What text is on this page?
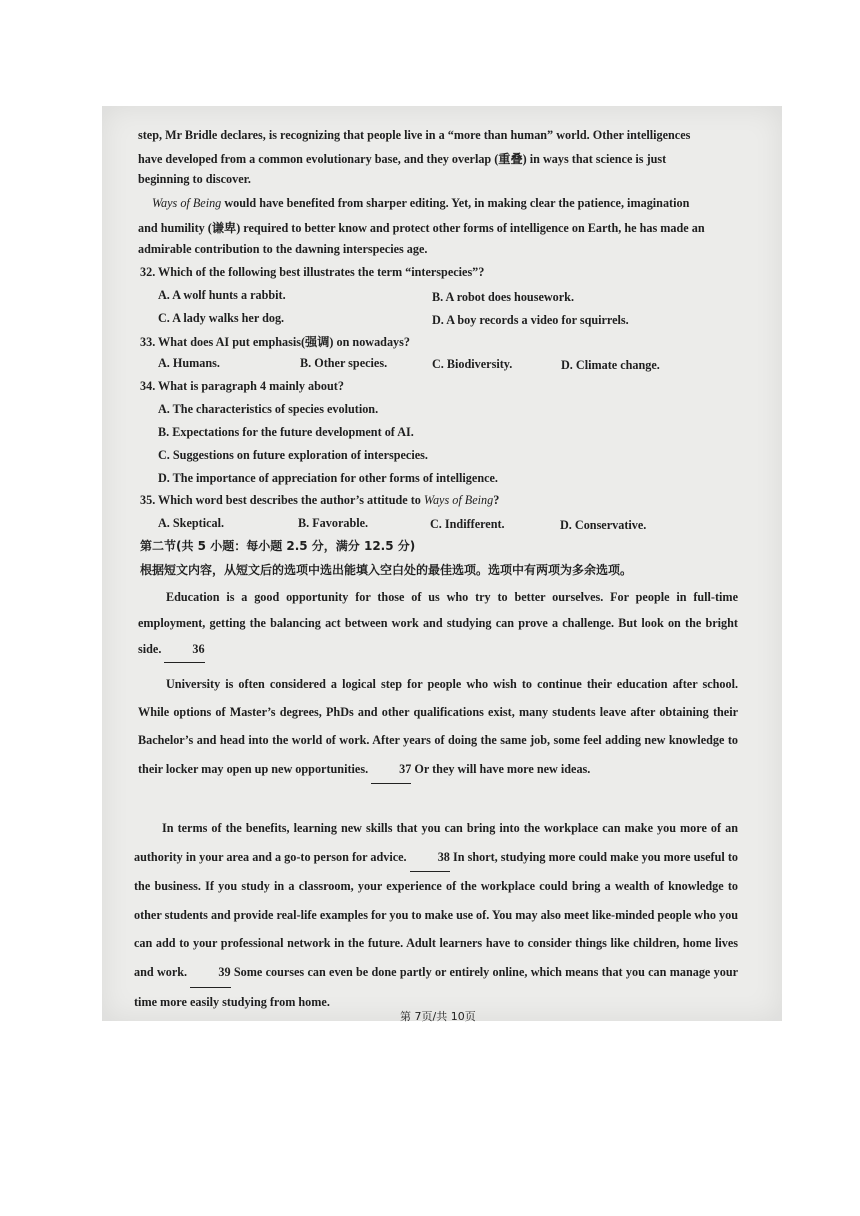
step, Mr Bridle declares, is recognizing that people live in a “more than human” world. Other intelligences
have developed from a common evolutionary base, and they overlap (重叠) in ways that science is just
beginning to discover.
Ways of Being would have benefited from sharper editing. Yet, in making clear the patience, imagination
and humility (谦卑) required to better know and protect other forms of intelligence on Earth, he has made an
admirable contribution to the dawning interspecies age.
32. Which of the following best illustrates the term “interspecies”?
A. A wolf hunts a rabbit.	B. A robot does housework.
C. A lady walks her dog.	D. A boy records a video for squirrels.
33. What does AI put emphasis(强调) on nowadays?
A. Humans.	B. Other species.	C. Biodiversity.	D. Climate change.
34. What is paragraph 4 mainly about?
A. The characteristics of species evolution.
B. Expectations for the future development of AI.
C. Suggestions on future exploration of interspecies.
D. The importance of appreciation for other forms of intelligence.
35. Which word best describes the author’s attitude to Ways of Being?
A. Skeptical.	B. Favorable.	C. Indifferent.	D. Conservative.
第二节(共 5 小题：每小题 2.5 分，满分 12.5 分)
根据短文内容，从短文后的选项中选出能填入空白处的最佳选项。选项中有两项为多余选项。
Education is a good opportunity for those of us who try to better ourselves. For people in full-time employment, getting the balancing act between work and studying can prove a challenge. But look on the bright side.	36
University is often considered a logical step for people who wish to continue their education after school. While options of Master’s degrees, PhDs and other qualifications exist, many students leave after obtaining their Bachelor’s and head into the world of work. After years of doing the same job, some feel adding new knowledge to their locker may open up new opportunities.	37 Or they will have more new ideas.
In terms of the benefits, learning new skills that you can bring into the workplace can make you more of an authority in your area and a go-to person for advice.	38 In short, studying more could make you more useful to the business. If you study in a classroom, your experience of the workplace could bring a wealth of knowledge to other students and provide real-life examples for you to make use of. You may also meet like-minded people who you can add to your professional network in the future. Adult learners have to consider things like children, home lives and work.	39 Some courses can even be done partly or entirely online, which means that you can manage your time more easily studying from home.
第 7页/共 10页
